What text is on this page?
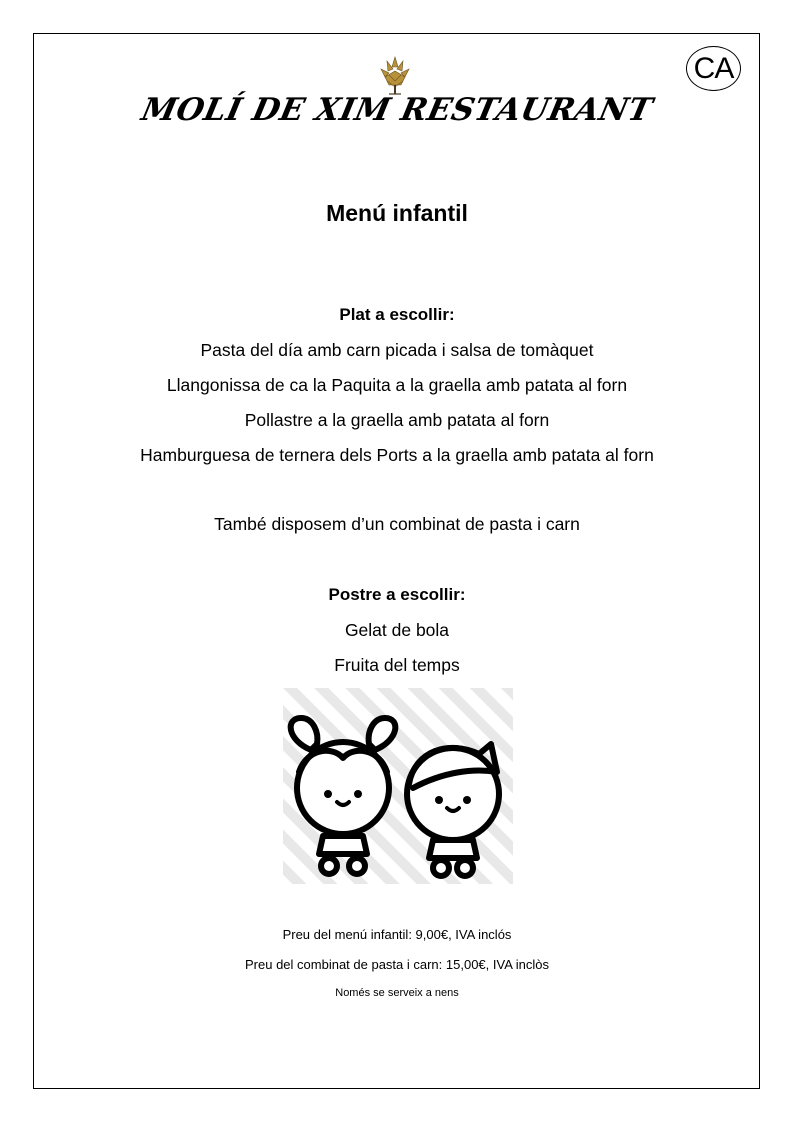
CA
MOLÍ DE XIM RESTAURANT
Menú infantil
Plat a escollir:
Pasta del día amb carn picada i salsa de tomàquet
Llangonissa de ca la Paquita a la graella amb patata al forn
Pollastre a la graella amb patata al forn
Hamburguesa de ternera dels Ports a la graella amb patata al forn
També disposem d’un combinat de pasta i carn
Postre a escollir:
Gelat de bola
Fruita del temps
Preu del menú infantil: 9,00€, IVA inclós
Preu del combinat de pasta i carn: 15,00€, IVA inclòs
Només se serveix a nens
